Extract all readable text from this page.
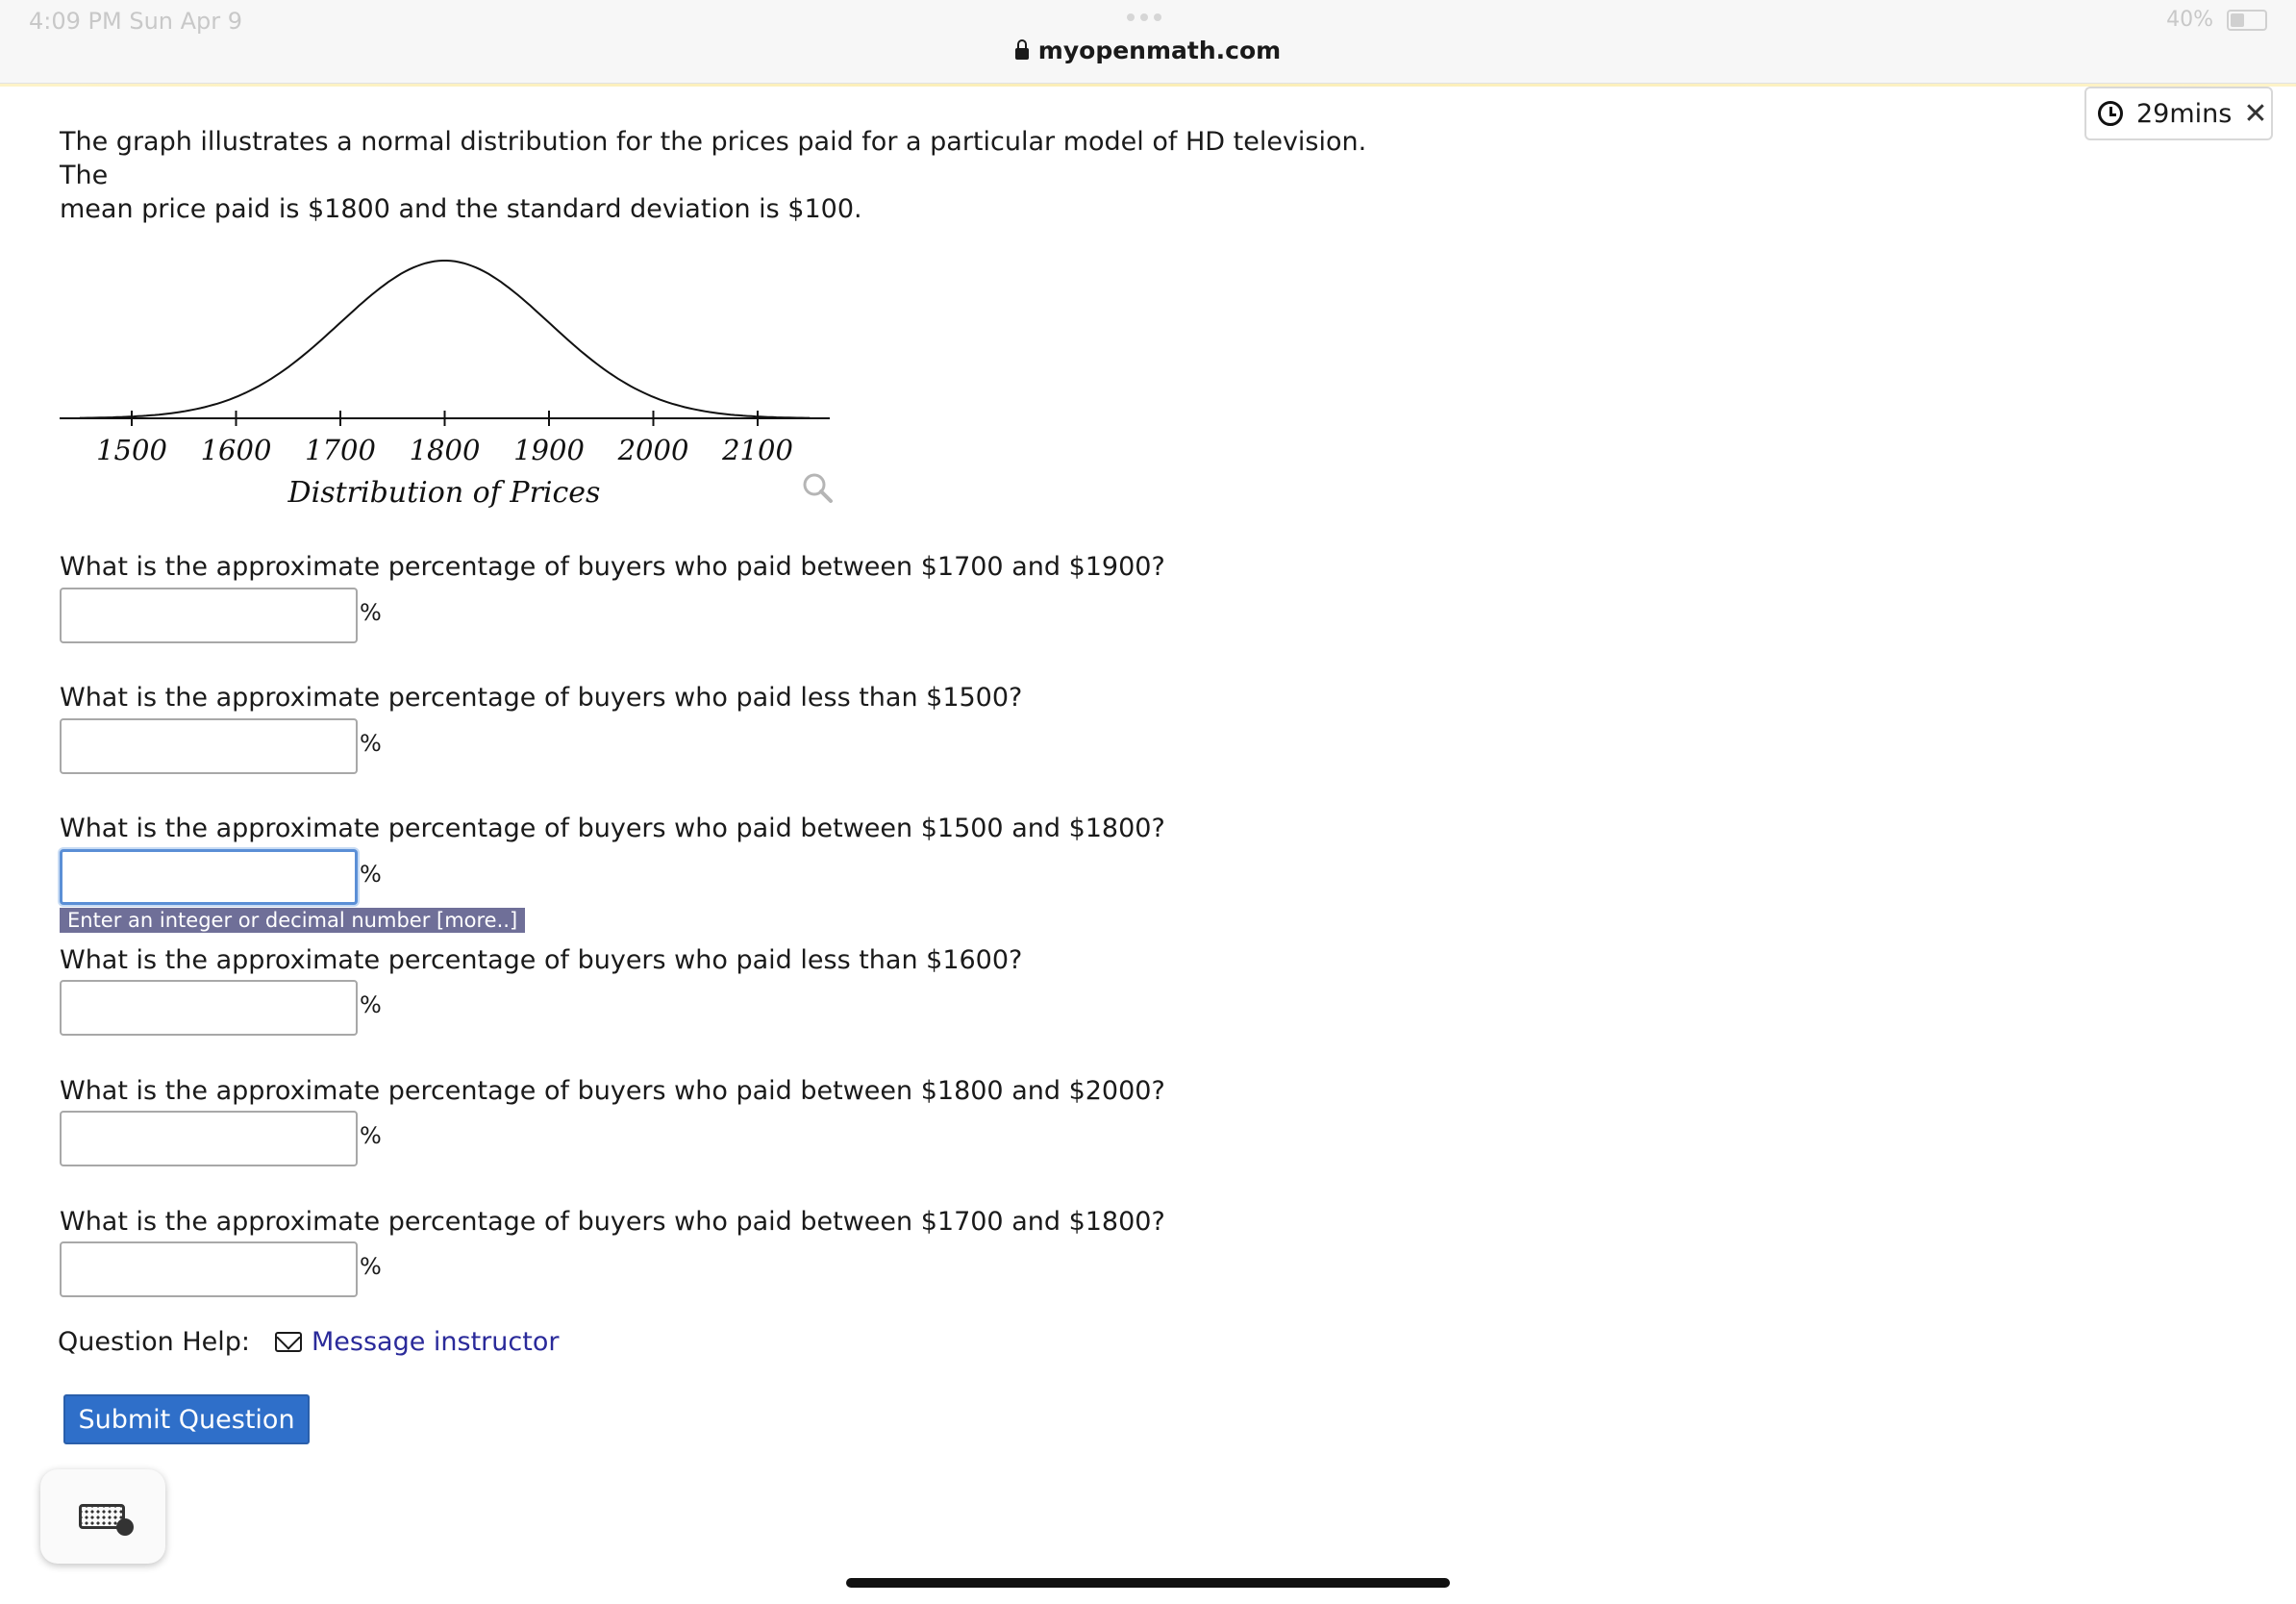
4:09 PM Sun Apr 9	40%
myopenmath.com
29mins ✕
The graph illustrates a normal distribution for the prices paid for a particular model of HD television. The
mean price paid is $1800 and the standard deviation is $100.
1500 1600 1700 1800 1900 2000 2100
Distribution of Prices
What is the approximate percentage of buyers who paid between $1700 and $1900?
%
What is the approximate percentage of buyers who paid less than $1500?
%
What is the approximate percentage of buyers who paid between $1500 and $1800?
%
Enter an integer or decimal number [more..]
What is the approximate percentage of buyers who paid less than $1600?
%
What is the approximate percentage of buyers who paid between $1800 and $2000?
%
What is the approximate percentage of buyers who paid between $1700 and $1800?
%
Question Help: Message instructor
Submit Question
